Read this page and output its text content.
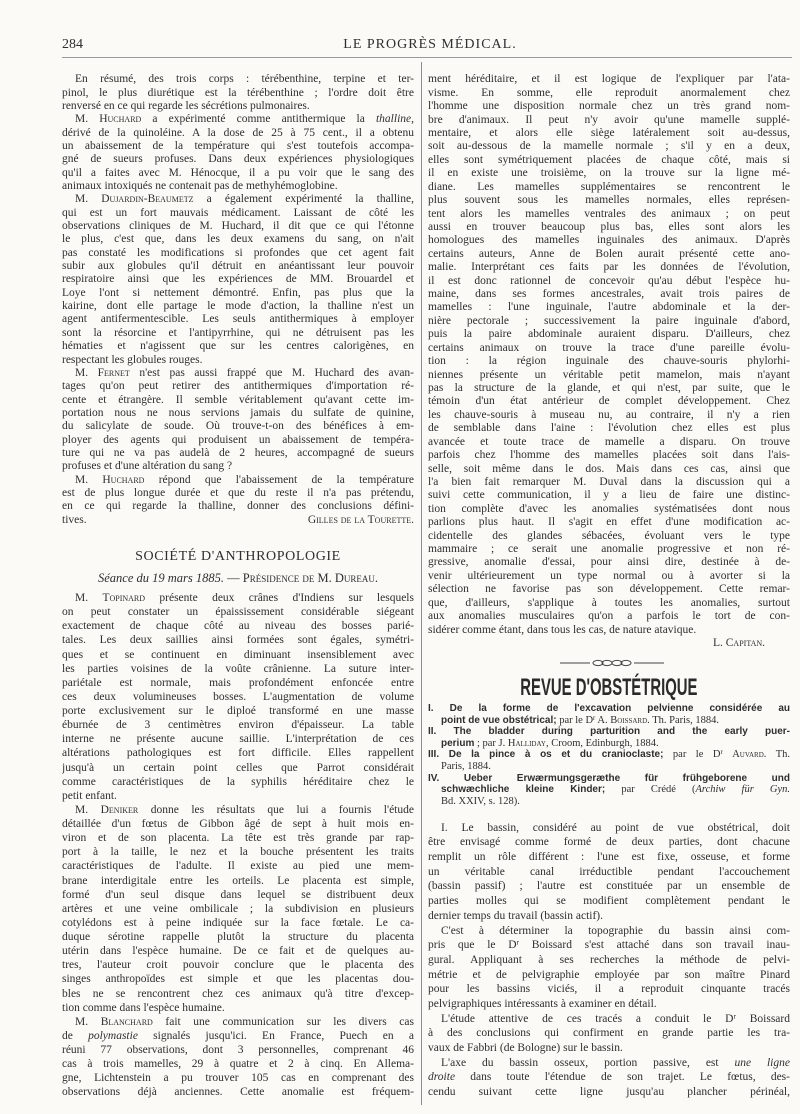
284	LE PROGRÈS MÉDICAL.
En résumé, des trois corps : térébenthine, terpine et ter-
pinol, le plus diurétique est la térébenthine ; l'ordre doit être
renversé en ce qui regarde les sécrétions pulmonaires.
M. Huchard a expérimenté comme antithermique la thalline,
dérivé de la quinoléine. A la dose de 25 à 75 cent., il a obtenu
un abaissement de la température qui s'est toutefois accompa-
gné de sueurs profuses. Dans deux expériences physiologiques
qu'il a faites avec M. Hénocque, il a pu voir que le sang des
animaux intoxiqués ne contenait pas de methyhémoglobine.
M. Dujardin-Beaumetz a également expérimenté la thalline,
qui est un fort mauvais médicament. Laissant de côté les
observations cliniques de M. Huchard, il dit que ce qui l'étonne
le plus, c'est que, dans les deux examens du sang, on n'ait
pas constaté les modifications si profondes que cet agent fait
subir aux globules qu'il détruit en anéantissant leur pouvoir
respiratoire ainsi que les expériences de MM. Brouardel et
Loye l'ont si nettement démontré. Enfin, pas plus que la
kairine, dont elle partage le mode d'action, la thalline n'est un
agent antifermentescible. Les seuls antithermiques à employer
sont la résorcine et l'antipyrrhine, qui ne détruisent pas les
hématies et n'agissent que sur les centres calorigènes, en
respectant les globules rouges.
M. Fernet n'est pas aussi frappé que M. Huchard des avan-
tages qu'on peut retirer des antithermiques d'importation ré-
cente et étrangère. Il semble véritablement qu'avant cette im-
portation nous ne nous servions jamais du sulfate de quinine,
du salicylate de soude. Où trouve-t-on des bénéfices à em-
ployer des agents qui produisent un abaissement de tempéra-
ture qui ne va pas audelà de 2 heures, accompagné de sueurs
profuses et d'une altération du sang ?
M. Huchard répond que l'abaissement de la température
est de plus longue durée et que du reste il n'a pas prétendu,
en ce qui regarde la thalline, donner des conclusions défini-
tives.	Gilles de la Tourette.
SOCIÉTÉ D'ANTHROPOLOGIE
Séance du 19 mars 1885. — Présidence de M. Dureau.
M. Topinard présente deux crânes d'Indiens sur lesquels
on peut constater un épaississement considérable siégeant
exactement de chaque côté au niveau des bosses parié-
tales. Les deux saillies ainsi formées sont égales, symétri-
ques et se continuent en diminuant insensiblement avec
les parties voisines de la voûte crânienne. La suture inter-
pariétale est normale, mais profondément enfoncée entre
ces deux volumineuses bosses. L'augmentation de volume
porte exclusivement sur le diploé transformé en une masse
éburnée de 3 centimètres environ d'épaisseur. La table
interne ne présente aucune saillie. L'interprétation de ces
altérations pathologiques est fort difficile. Elles rappellent
jusqu'à un certain point celles que Parrot considérait
comme caractéristiques de la syphilis héréditaire chez le
petit enfant.
M. Deniker donne les résultats que lui a fournis l'étude
détaillée d'un fœtus de Gibbon âgé de sept à huit mois en-
viron et de son placenta. La tête est très grande par rap-
port à la taille, le nez et la bouche présentent les traits
caractéristiques de l'adulte. Il existe au pied une mem-
brane interdigitale entre les orteils. Le placenta est simple,
formé d'un seul disque dans lequel se distribuent deux
artères et une veine ombilicale ; la subdivision en plusieurs
cotylédons est à peine indiquée sur la face fœtale. Le ca-
duque sérotine rappelle plutôt la structure du placenta
utérin dans l'espèce humaine. De ce fait et de quelques au-
tres, l'auteur croit pouvoir conclure que le placenta des
singes anthropoïdes est simple et que les placentas dou-
bles ne se rencontrent chez ces animaux qu'à titre d'excep-
tion comme dans l'espèce humaine.
M. Blanchard fait une communication sur les divers cas
de polymastie signalés jusqu'ici. En France, Puech en a
réuni 77 observations, dont 3 personnelles, comprenant 46
cas à trois mamelles, 29 à quatre et 2 à cinq. En Allema-
gne, Lichtenstein a pu trouver 105 cas en comprenant des
observations déjà anciennes. Cette anomalie est fréquem-
ment héréditaire, et il est logique de l'expliquer par l'ata-
visme. En somme, elle reproduit anormalement chez
l'homme une disposition normale chez un très grand nom-
bre d'animaux. Il peut n'y avoir qu'une mamelle supplé-
mentaire, et alors elle siège latéralement soit au-dessus,
soit au-dessous de la mamelle normale ; s'il y en a deux,
elles sont symétriquement placées de chaque côté, mais si
il en existe une troisième, on la trouve sur la ligne mé-
diane. Les mamelles supplémentaires se rencontrent le
plus souvent sous les mamelles normales, elles représen-
tent alors les mamelles ventrales des animaux ; on peut
aussi en trouver beaucoup plus bas, elles sont alors les
homologues des mamelles inguinales des animaux. D'après
certains auteurs, Anne de Bolen aurait présenté cette ano-
malie. Interprétant ces faits par les données de l'évolution,
il est donc rationnel de concevoir qu'au début l'espèce hu-
maine, dans ses formes ancestrales, avait trois paires de
mamelles : l'une inguinale, l'autre abdominale et la der-
nière pectorale ; successivement la paire inguinale d'abord,
puis la paire abdominale auraient disparu. D'ailleurs, chez
certains animaux on trouve la trace d'une pareille évolu-
tion : la région inguinale des chauve-souris phylorhi-
niennes présente un véritable petit mamelon, mais n'ayant
pas la structure de la glande, et qui n'est, par suite, que le
témoin d'un état antérieur de complet développement. Chez
les chauve-souris à museau nu, au contraire, il n'y a rien
de semblable dans l'aine : l'évolution chez elles est plus
avancée et toute trace de mamelle a disparu. On trouve
parfois chez l'homme des mamelles placées soit dans l'ais-
selle, soit même dans le dos. Mais dans ces cas, ainsi que
l'a bien fait remarquer M. Duval dans la discussion qui a
suivi cette communication, il y a lieu de faire une distinc-
tion complète d'avec les anomalies systématisées dont nous
parlions plus haut. Il s'agit en effet d'une modification ac-
cidentelle des glandes sébacées, évoluant vers le type
mammaire ; ce serait une anomalie progressive et non ré-
gressive, anomalie d'essai, pour ainsi dire, destinée à de-
venir ultérieurement un type normal ou à avorter si la
sélection ne favorise pas son développement. Cette remar-
que, d'ailleurs, s'applique à toutes les anomalies, surtout
aux anomalies musculaires qu'on a parfois le tort de con-
sidérer comme étant, dans tous les cas, de nature atavique.
L. Capitan.
REVUE D'OBSTÉTRIQUE
I. De la forme de l'excavation pelvienne considérée au
point de vue obstétrical; par le $D^r$ A. Boissard. Th. Paris, 1884.
II. The bladder during parturition and the early puer-
perium ; par J. Halliday, Croom, Edinburgh, 1884.
III. De la pince à os et du cranioclaste; par le $D^r$ Auvard. Th.
Paris, 1884.
IV. Ueber Erwærmungsgeræthe für frühgeborene und
schwæchliche kleine Kinder; par Crédé (Archiw für Gyn.
Bd. XXIV, s. 128).
I. Le bassin, considéré au point de vue obstétrical, doit
être envisagé comme formé de deux parties, dont chacune
remplit un rôle différent : l'une est fixe, osseuse, et forme
un véritable canal irréductible pendant l'accouchement
(bassin passif) ; l'autre est constituée par un ensemble de
parties molles qui se modifient complètement pendant le
dernier temps du travail (bassin actif).
C'est à déterminer la topographie du bassin ainsi com-
pris que le $D^r$ Boissard s'est attaché dans son travail inau-
gural. Appliquant à ses recherches la méthode de pelvi-
métrie et de pelvigraphie employée par son maître Pinard
pour les bassins viciés, il a reproduit cinquante tracés
pelvigraphiques intéressants à examiner en détail.
L'étude attentive de ces tracés a conduit le $D^r$ Boissard
à des conclusions qui confirment en grande partie les tra-
vaux de Fabbri (de Bologne) sur le bassin.
L'axe du bassin osseux, portion passive, est une ligne
droite dans toute l'étendue de son trajet. Le fœtus, des-
cendu suivant cette ligne jusqu'au plancher périnéal,
